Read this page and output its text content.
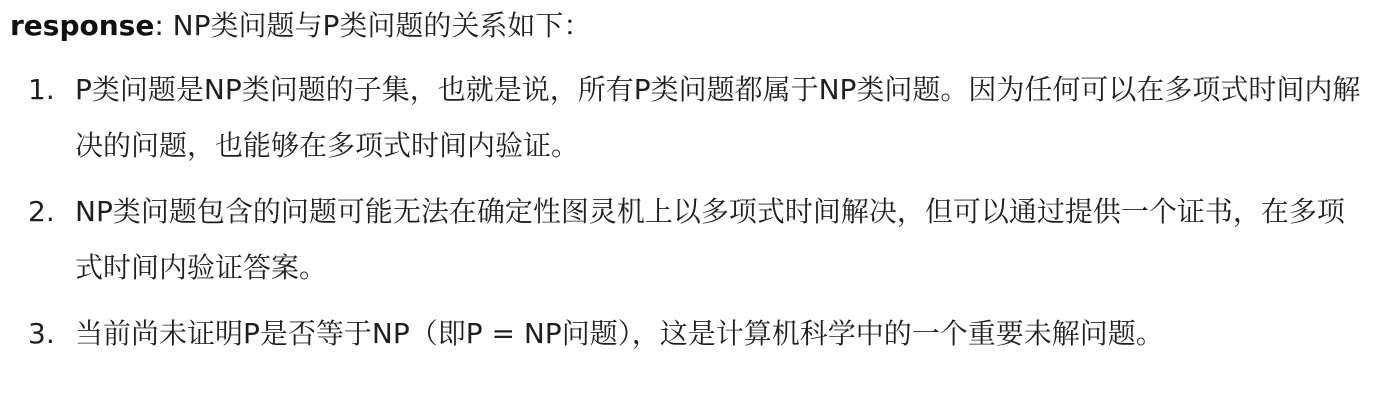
response: NP类问题与P类问题的关系如下：

1. P类问题是NP类问题的子集，也就是说，所有P类问题都属于NP类问题。因为任何可以在多项式时间内解决的问题，也能够在多项式时间内验证。
2. NP类问题包含的问题可能无法在确定性图灵机上以多项式时间解决，但可以通过提供一个证书，在多项式时间内验证答案。
3. 当前尚未证明P是否等于NP（即P = NP问题），这是计算机科学中的一个重要未解问题。
